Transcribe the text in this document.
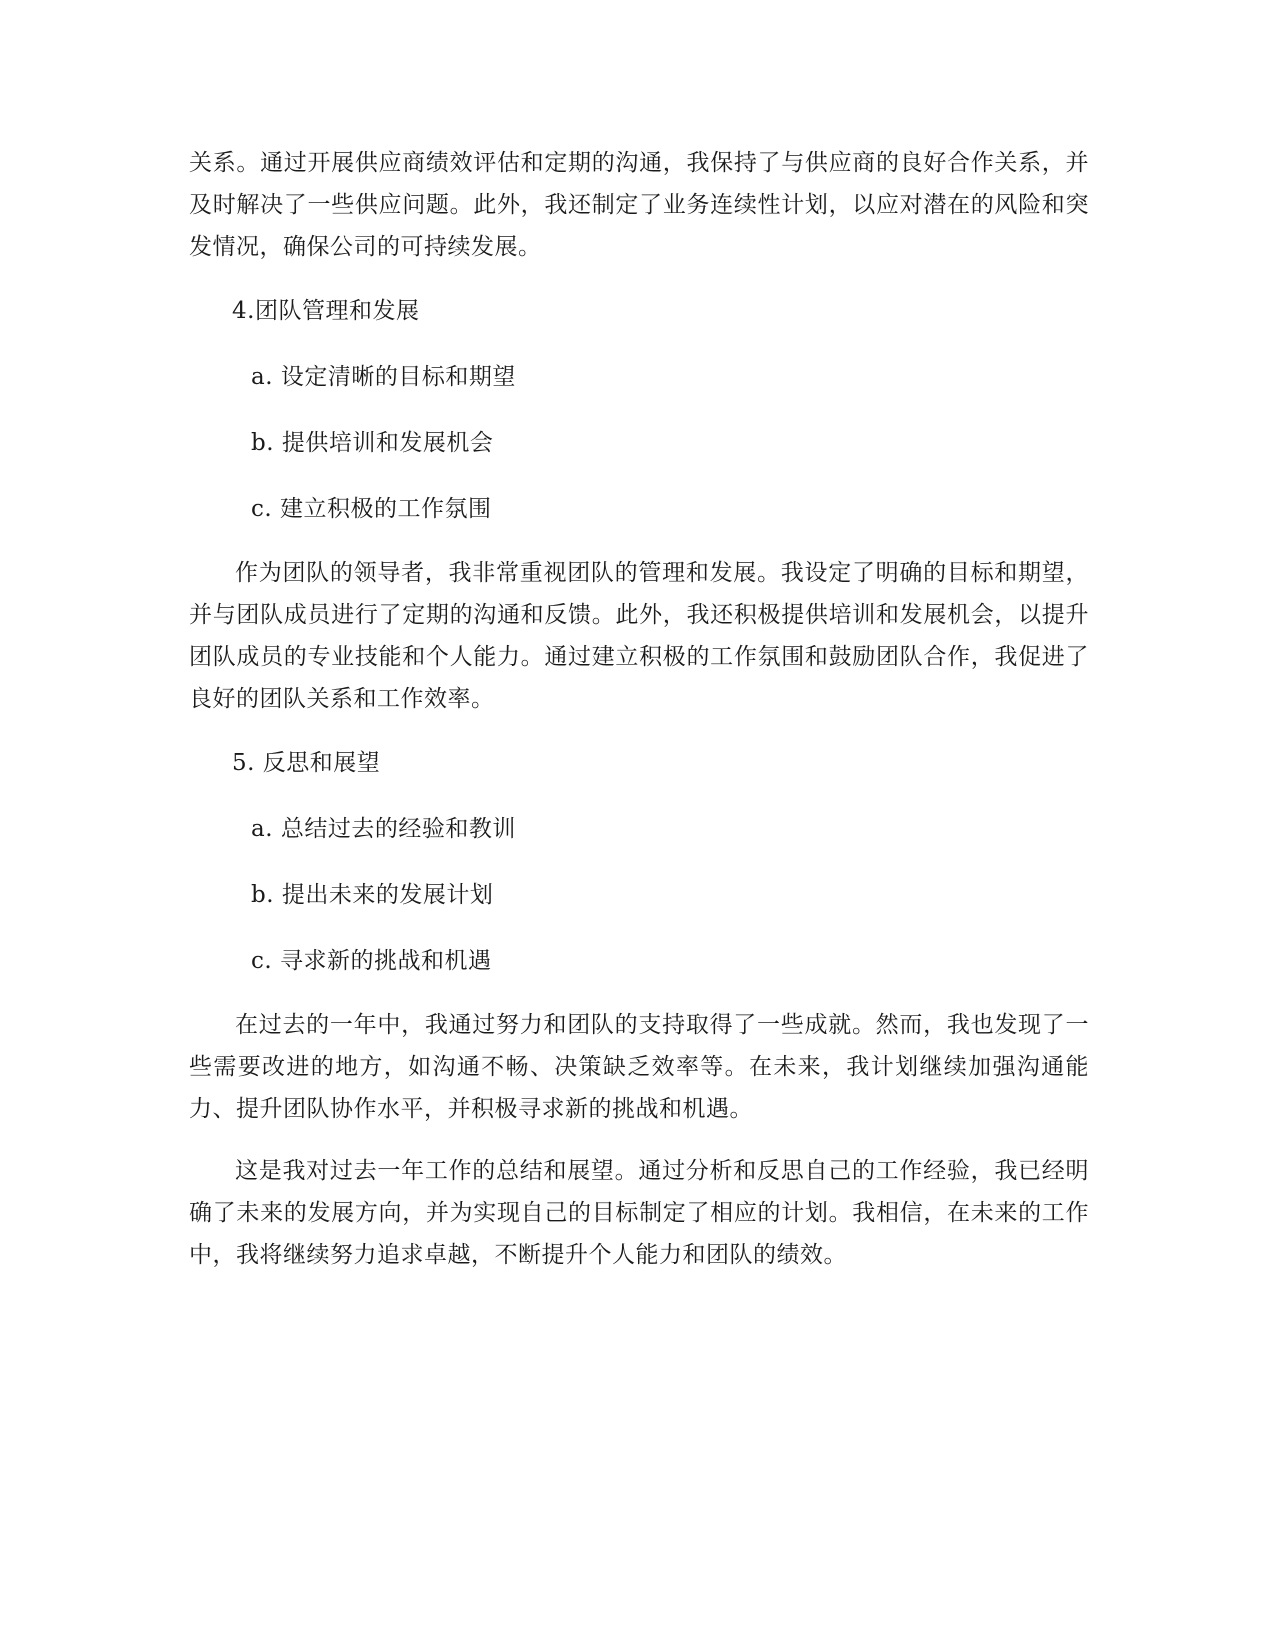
关系。通过开展供应商绩效评估和定期的沟通，我保持了与供应商的良好合作关系，并及时解决了一些供应问题。此外，我还制定了业务连续性计划，以应对潜在的风险和突发情况，确保公司的可持续发展。

4.团队管理和发展
a. 设定清晰的目标和期望
b. 提供培训和发展机会
c. 建立积极的工作氛围

作为团队的领导者，我非常重视团队的管理和发展。我设定了明确的目标和期望，并与团队成员进行了定期的沟通和反馈。此外，我还积极提供培训和发展机会，以提升团队成员的专业技能和个人能力。通过建立积极的工作氛围和鼓励团队合作，我促进了良好的团队关系和工作效率。

5. 反思和展望
a. 总结过去的经验和教训
b. 提出未来的发展计划
c. 寻求新的挑战和机遇

在过去的一年中，我通过努力和团队的支持取得了一些成就。然而，我也发现了一些需要改进的地方，如沟通不畅、决策缺乏效率等。在未来，我计划继续加强沟通能力、提升团队协作水平，并积极寻求新的挑战和机遇。

这是我对过去一年工作的总结和展望。通过分析和反思自己的工作经验，我已经明确了未来的发展方向，并为实现自己的目标制定了相应的计划。我相信，在未来的工作中，我将继续努力追求卓越，不断提升个人能力和团队的绩效。
